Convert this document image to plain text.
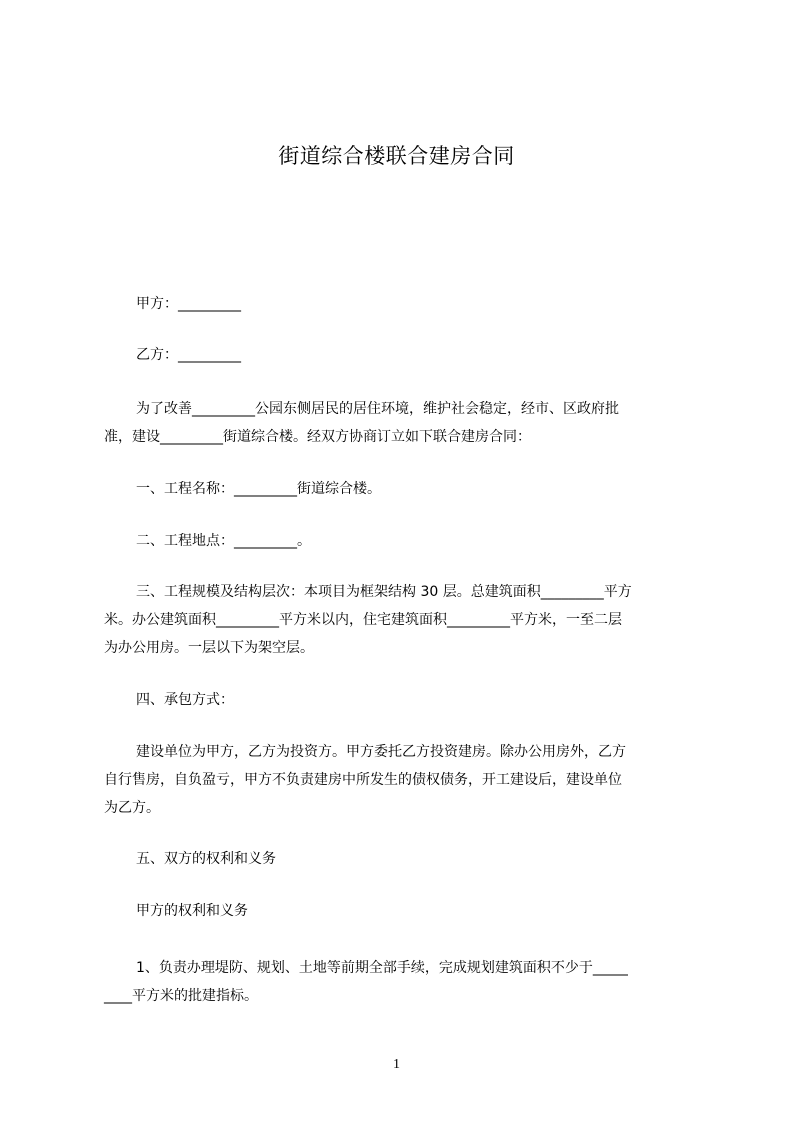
街道综合楼联合建房合同
甲方：_________
乙方：_________
为了改善_________公园东侧居民的居住环境，维护社会稳定，经市、区政府批
准，建设_________街道综合楼。经双方协商订立如下联合建房合同：
一、工程名称：_________街道综合楼。
二、工程地点：_________。
三、工程规模及结构层次：本项目为框架结构 30 层。总建筑面积_________平方
米。办公建筑面积_________平方米以内，住宅建筑面积_________平方米，一至二层
为办公用房。一层以下为架空层。
四、承包方式：
建设单位为甲方，乙方为投资方。甲方委托乙方投资建房。除办公用房外，乙方
自行售房，自负盈亏，甲方不负责建房中所发生的债权债务，开工建设后，建设单位
为乙方。
五、双方的权利和义务
甲方的权利和义务
1、负责办理堤防、规划、土地等前期全部手续，完成规划建筑面积不少于_____
____平方米的批建指标。
1
